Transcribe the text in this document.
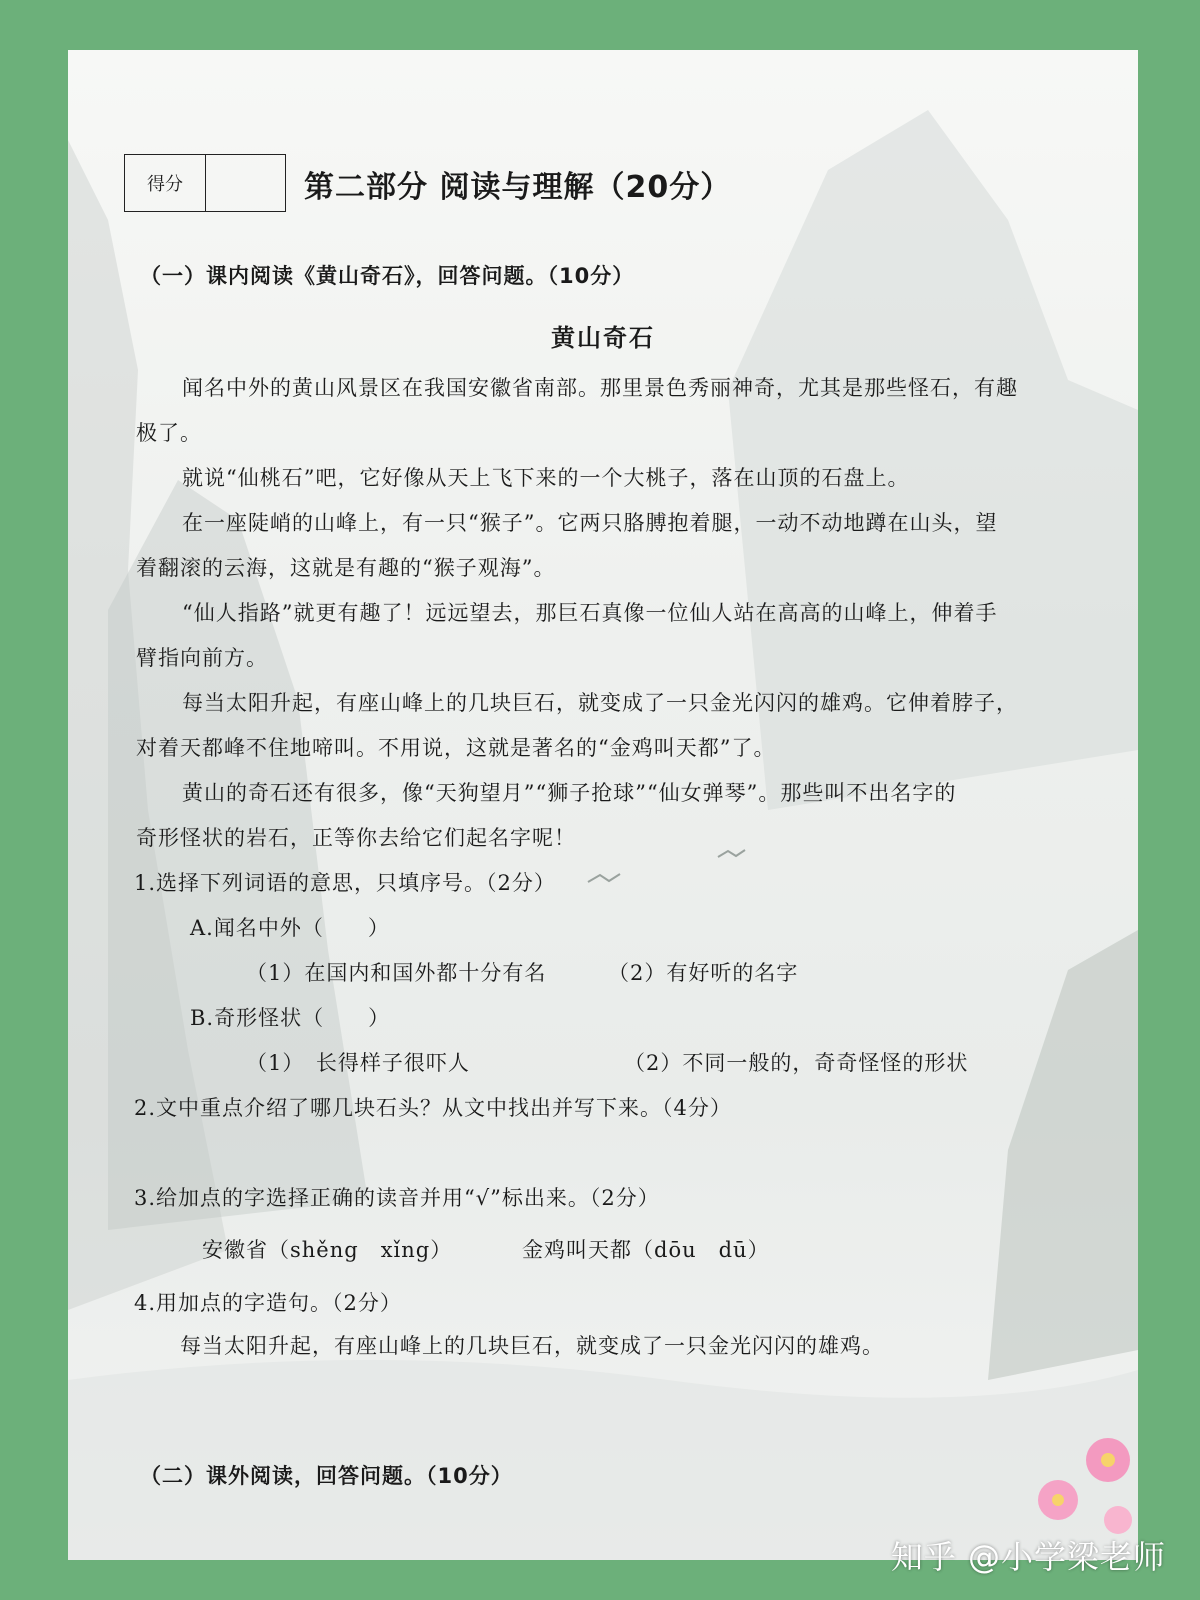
得分	第二部分 阅读与理解（20分）
（一）课内阅读《黄山奇石》，回答问题。（10分）
黄山奇石
闻名中外的黄山风景区在我国安徽省南部。那里景色秀丽神奇，尤其是那些怪石，有趣
极了。
就说“仙桃石”吧，它好像从天上飞下来的一个大桃子，落在山顶的石盘上。
在一座陡峭的山峰上，有一只“猴子”。它两只胳膊抱着腿，一动不动地蹲在山头，望
着翻滚的云海，这就是有趣的“猴子观海”。
“仙人指路”就更有趣了！远远望去，那巨石真像一位仙人站在高高的山峰上，伸着手
臂指向前方。
每当太阳升起，有座山峰上的几块巨石，就变成了一只金光闪闪的雄鸡。它伸着脖子，
对着天都峰不住地啼叫。不用说，这就是著名的“金鸡叫天都”了。
黄山的奇石还有很多，像“天狗望月”“狮子抢球”“仙女弹琴”。那些叫不出名字的
奇形怪状的岩石，正等你去给它们起名字呢！
1.选择下列词语的意思，只填序号。（2分）
A.闻名中外（　　）
（1）在国内和国外都十分有名	（2）有好听的名字
B.奇形怪状（　　）
（1）　长得样子很吓人	（2）不同一般的，奇奇怪怪的形状
2.文中重点介绍了哪几块石头？从文中找出并写下来。（4分）
3.给加点的字选择正确的读音并用“√”标出来。（2分）
安徽省（shěng　xǐng）	金鸡叫天都（dōu　dū）
4.用加点的字造句。（2分）
每当太阳升起，有座山峰上的几块巨石，就变成了一只金光闪闪的雄鸡。
（二）课外阅读，回答问题。（10分）
知乎 @小学梁老师
